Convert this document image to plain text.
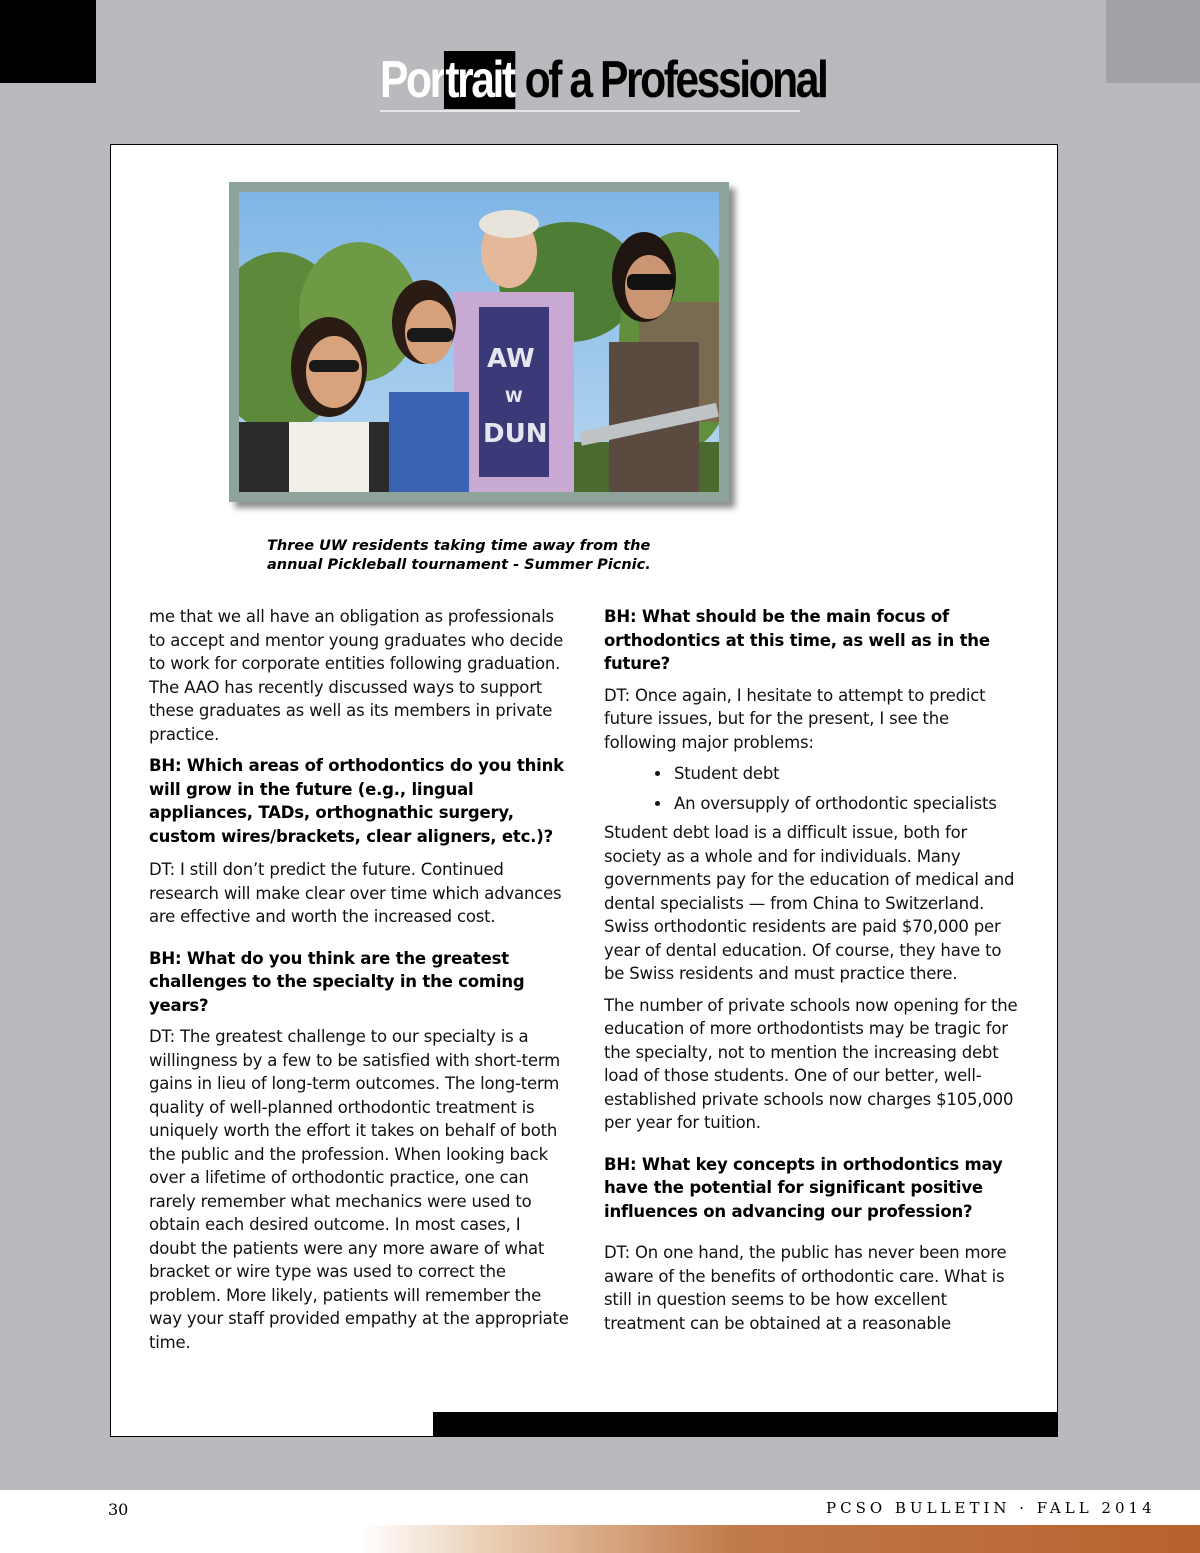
Portrait of a Professional
AW
W
DUN
Three UW residents taking time away from the
annual Pickleball tournament - Summer Picnic.

me that we all have an obligation as professionals to accept and mentor young graduates who decide to work for corporate entities following graduation. The AAO has recently discussed ways to support these graduates as well as its members in private practice.

BH: Which areas of orthodontics do you think will grow in the future (e.g., lingual appliances, TADs, orthognathic surgery, custom wires/brackets, clear aligners, etc.)?

DT: I still don’t predict the future. Continued research will make clear over time which advances are effective and worth the increased cost.

BH: What do you think are the greatest challenges to the specialty in the coming years?

DT: The greatest challenge to our specialty is a willingness by a few to be satisfied with short-term gains in lieu of long-term outcomes. The long-term quality of well-planned orthodontic treatment is uniquely worth the effort it takes on behalf of both the public and the profession. When looking back over a lifetime of orthodontic practice, one can rarely remember what mechanics were used to obtain each desired outcome. In most cases, I doubt the patients were any more aware of what bracket or wire type was used to correct the problem. More likely, patients will remember the way your staff provided empathy at the appropriate time.

BH: What should be the main focus of orthodontics at this time, as well as in the future?

DT: Once again, I hesitate to attempt to predict future issues, but for the present, I see the following major problems:

• Student debt
• An oversupply of orthodontic specialists

Student debt load is a difficult issue, both for society as a whole and for individuals. Many governments pay for the education of medical and dental specialists — from China to Switzerland. Swiss orthodontic residents are paid $70,000 per year of dental education. Of course, they have to be Swiss residents and must practice there.

The number of private schools now opening for the education of more orthodontists may be tragic for the specialty, not to mention the increasing debt load of those students. One of our better, well-established private schools now charges $105,000 per year for tuition.

BH: What key concepts in orthodontics may have the potential for significant positive influences on advancing our profession?

DT: On one hand, the public has never been more aware of the benefits of orthodontic care. What is still in question seems to be how excellent treatment can be obtained at a reasonable

30	PCSO BULLETIN · FALL 2014
